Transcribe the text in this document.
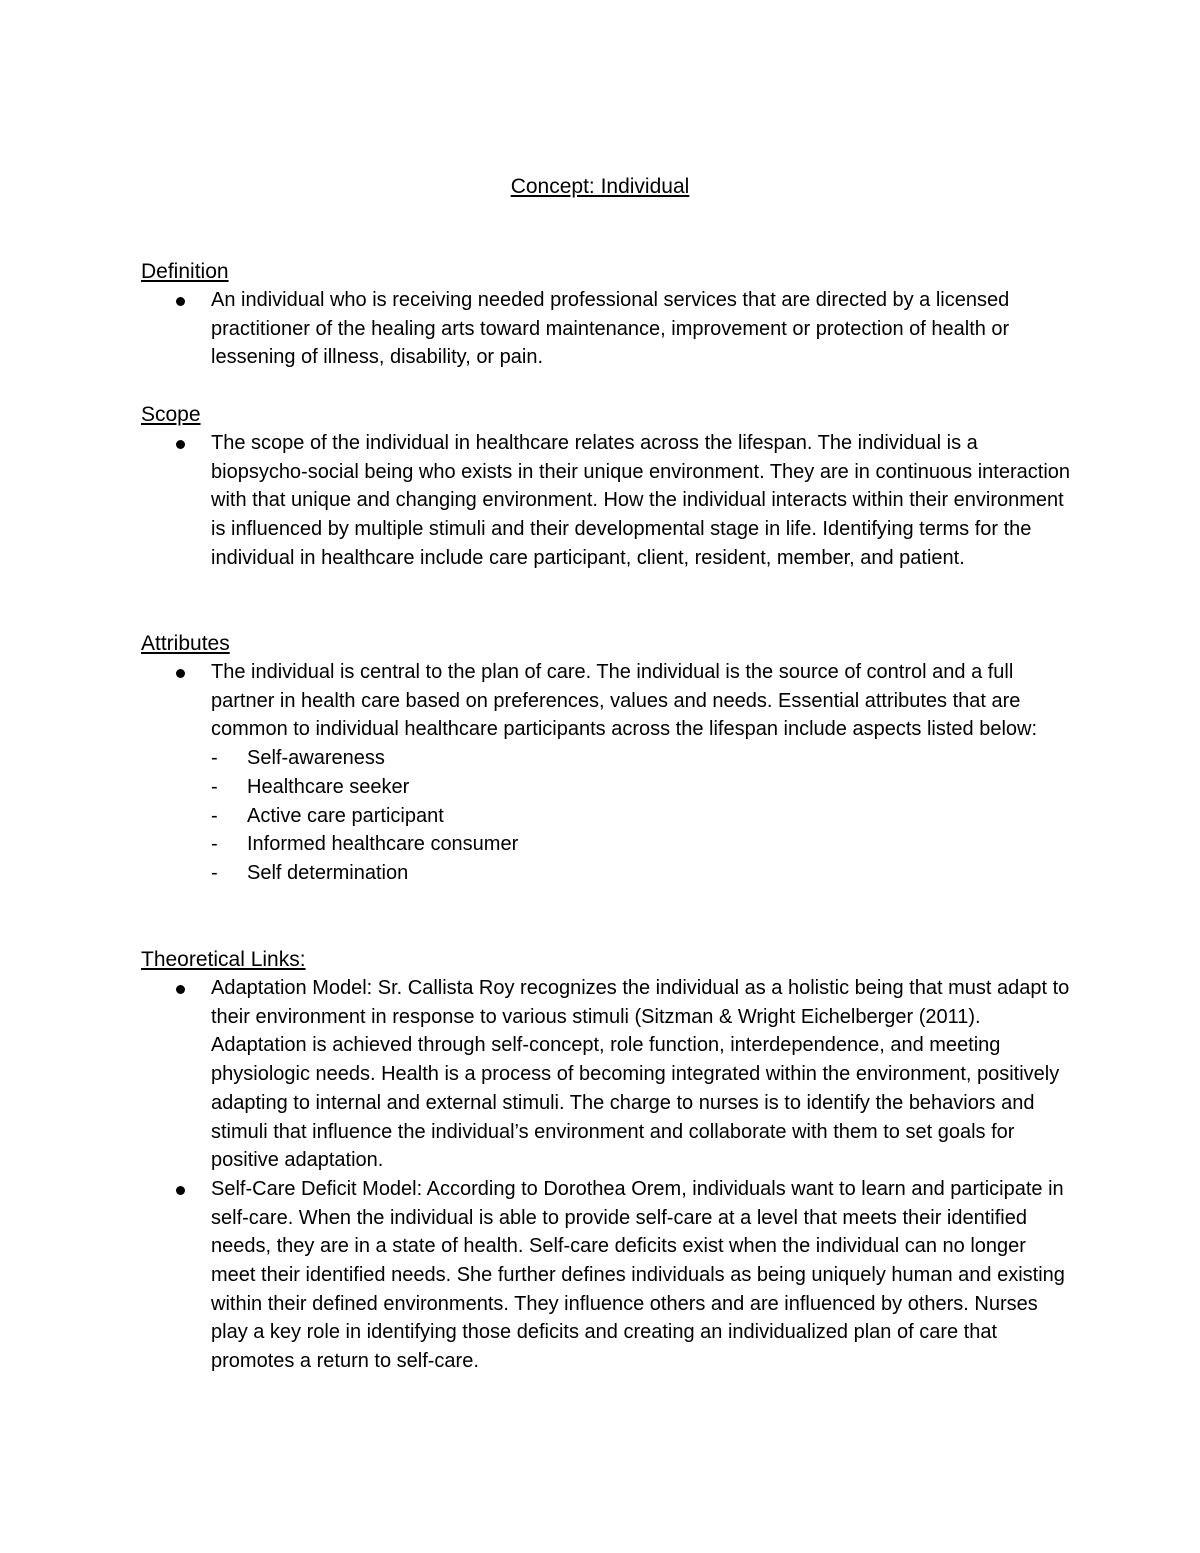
Concept: Individual

Definition

An individual who is receiving needed professional services that are directed by a licensed practitioner of the healing arts toward maintenance, improvement or protection of health or lessening of illness, disability, or pain.

Scope

The scope of the individual in healthcare relates across the lifespan. The individual is a biopsycho-social being who exists in their unique environment. They are in continuous interaction with that unique and changing environment. How the individual interacts within their environment is influenced by multiple stimuli and their developmental stage in life. Identifying terms for the individual in healthcare include care participant, client, resident, member, and patient.

Attributes

The individual is central to the plan of care. The individual is the source of control and a full partner in health care based on preferences, values and needs. Essential attributes that are common to individual healthcare participants across the lifespan include aspects listed below:
- Self-awareness
- Healthcare seeker
- Active care participant
- Informed healthcare consumer
- Self determination

Theoretical Links:

Adaptation Model: Sr. Callista Roy recognizes the individual as a holistic being that must adapt to their environment in response to various stimuli (Sitzman & Wright Eichelberger (2011). Adaptation is achieved through self-concept, role function, interdependence, and meeting physiologic needs. Health is a process of becoming integrated within the environment, positively adapting to internal and external stimuli. The charge to nurses is to identify the behaviors and stimuli that influence the individual’s environment and collaborate with them to set goals for positive adaptation.
Self-Care Deficit Model: According to Dorothea Orem, individuals want to learn and participate in self-care. When the individual is able to provide self-care at a level that meets their identified needs, they are in a state of health. Self-care deficits exist when the individual can no longer meet their identified needs. She further defines individuals as being uniquely human and existing within their defined environments. They influence others and are influenced by others. Nurses play a key role in identifying those deficits and creating an individualized plan of care that promotes a return to self-care.
